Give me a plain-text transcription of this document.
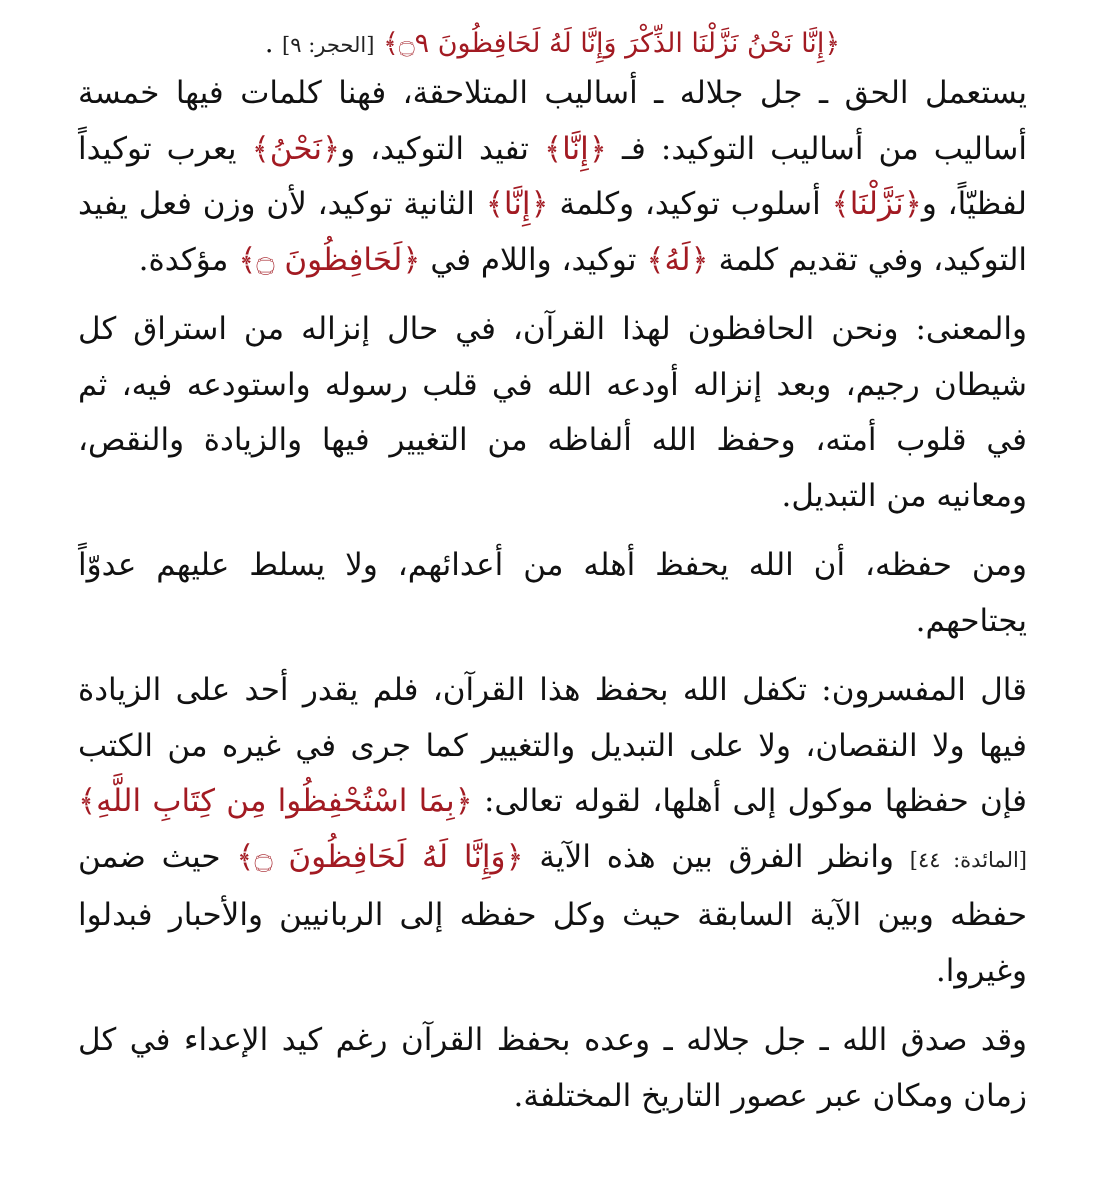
﴿إِنَّا نَحْنُ نَزَّلْنَا الذِّكْرَ وَإِنَّا لَهُ لَحَافِظُونَ ۝٩﴾ [الحجر: ٩] .

يستعمل الحق ـ جل جلاله ـ أساليب المتلاحقة، فهنا كلمات فيها خمسة أساليب من أساليب التوكيد: فـ ﴿إِنَّا﴾ تفيد التوكيد، و﴿نَحْنُ﴾ يعرب توكيداً لفظيّاً، و﴿نَزَّلْنَا﴾ أسلوب توكيد، وكلمة ﴿إِنَّا﴾ الثانية توكيد، لأن وزن فعل يفيد التوكيد، وفي تقديم كلمة ﴿لَهُ﴾ توكيد، واللام في ﴿لَحَافِظُونَ ۝﴾ مؤكدة.

والمعنى: ونحن الحافظون لهذا القرآن، في حال إنزاله من استراق كل شيطان رجيم، وبعد إنزاله أودعه الله في قلب رسوله واستودعه فيه، ثم في قلوب أمته، وحفظ الله ألفاظه من التغيير فيها والزيادة والنقص، ومعانيه من التبديل.

ومن حفظه، أن الله يحفظ أهله من أعدائهم، ولا يسلط عليهم عدوّاً يجتاحهم.

قال المفسرون: تكفل الله بحفظ هذا القرآن، فلم يقدر أحد على الزيادة فيها ولا النقصان، ولا على التبديل والتغيير كما جرى في غيره من الكتب فإن حفظها موكول إلى أهلها، لقوله تعالى: ﴿بِمَا اسْتُحْفِظُوا مِن كِتَابِ اللَّهِ﴾ [المائدة: ٤٤] وانظر الفرق بين هذه الآية ﴿وَإِنَّا لَهُ لَحَافِظُونَ ۝﴾ حيث ضمن حفظه وبين الآية السابقة حيث وكل حفظه إلى الربانيين والأحبار فبدلوا وغيروا.

وقد صدق الله ـ جل جلاله ـ وعده بحفظ القرآن رغم كيد الإعداء في كل زمان ومكان عبر عصور التاريخ المختلفة.
